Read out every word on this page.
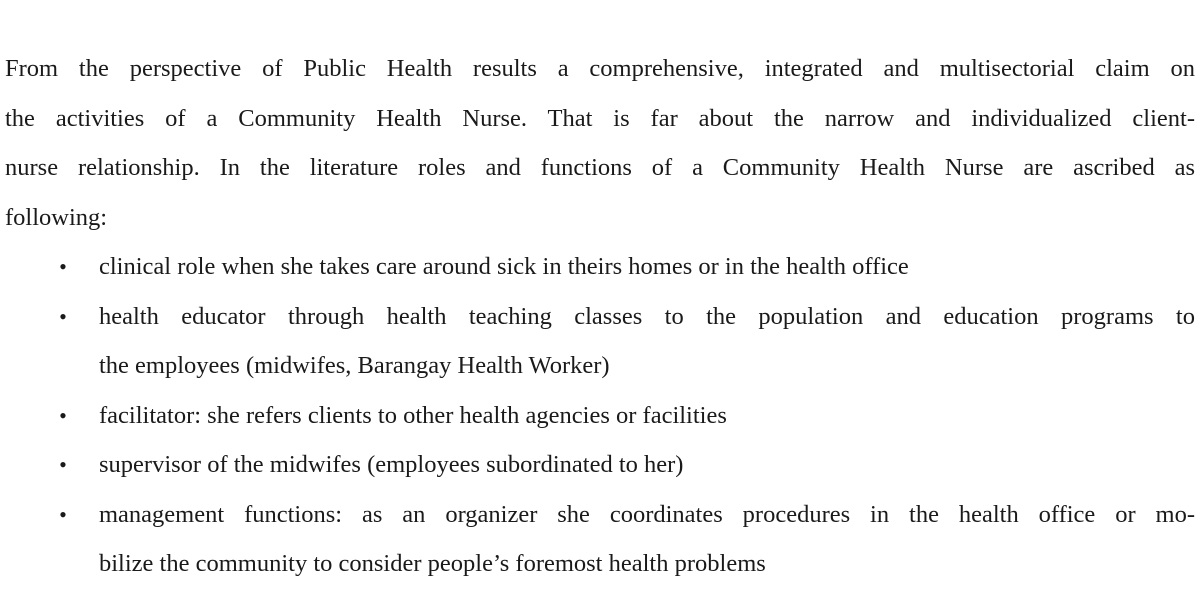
From the perspective of Public Health results a comprehensive, integrated and multisectorial claim on
the activities of a Community Health Nurse. That is far about the narrow and individualized client-
nurse relationship. In the literature roles and functions of a Community Health Nurse are ascribed as
following:
• clinical role when she takes care around sick in theirs homes or in the health office
• health educator through health teaching classes to the population and education programs to
the employees (midwifes, Barangay Health Worker)
• facilitator: she refers clients to other health agencies or facilities
• supervisor of the midwifes (employees subordinated to her)
• management functions: as an organizer she coordinates procedures in the health office or mo-
bilize the community to consider people’s foremost health problems
